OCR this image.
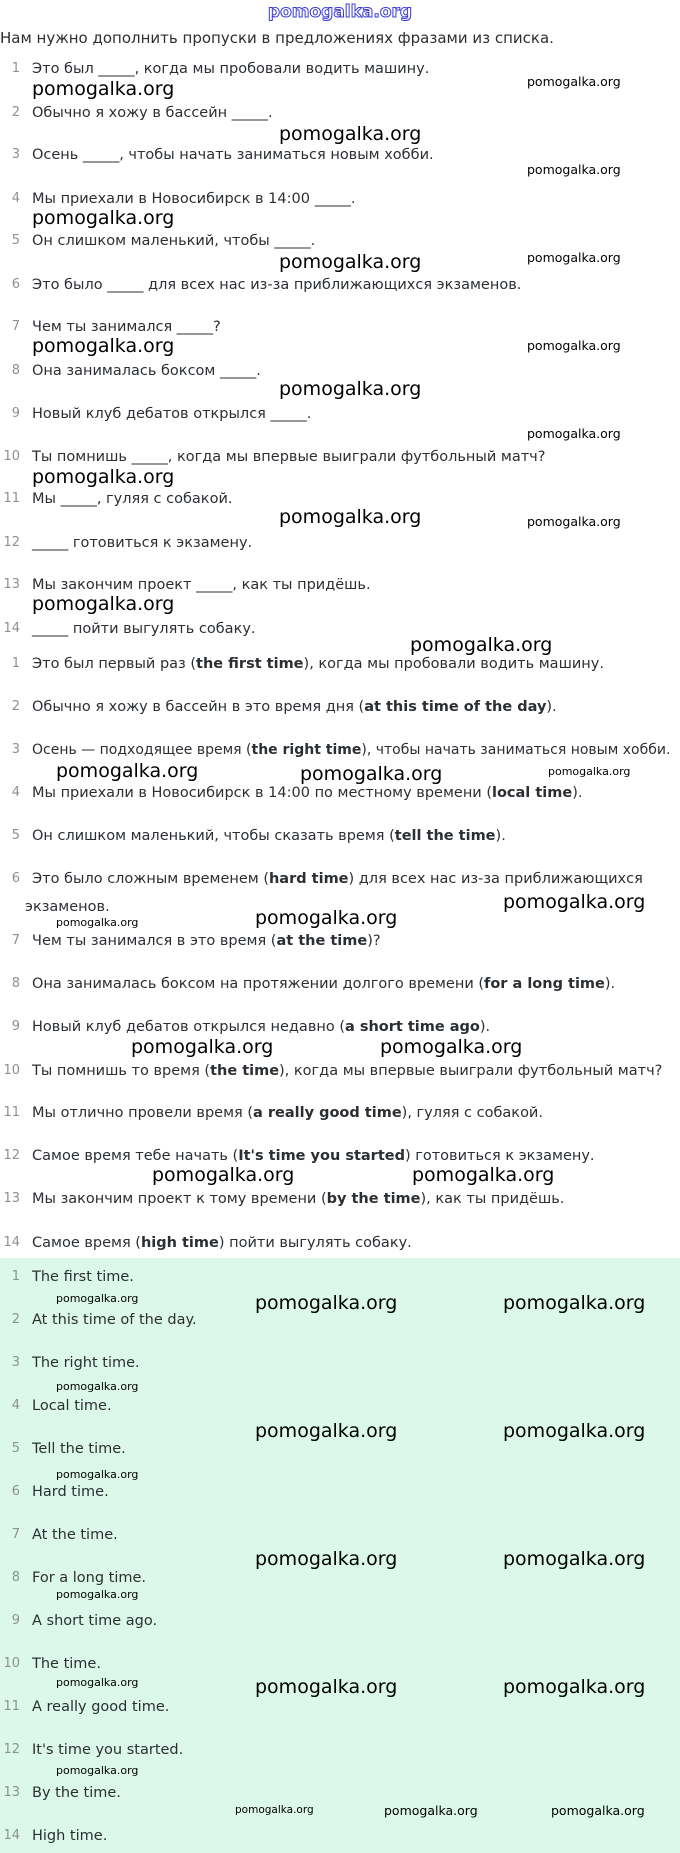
pomogalka.org
Нам нужно дополнить пропуски в предложениях фразами из списка.
1 Это был _____, когда мы пробовали водить машину.
2 Обычно я хожу в бассейн _____.
3 Осень _____, чтобы начать заниматься новым хобби.
4 Мы приехали в Новосибирск в 14:00 _____.
5 Он слишком маленький, чтобы _____.
6 Это было _____ для всех нас из-за приближающихся экзаменов.
7 Чем ты занимался _____?
8 Она занималась боксом _____.
9 Новый клуб дебатов открылся _____.
10 Ты помнишь _____, когда мы впервые выиграли футбольный матч?
11 Мы _____, гуляя с собакой.
12 _____ готовиться к экзамену.
13 Мы закончим проект _____, как ты придёшь.
14 _____ пойти выгулять собаку.
1 Это был первый раз (the first time), когда мы пробовали водить машину.
2 Обычно я хожу в бассейн в это время дня (at this time of the day).
3 Осень — подходящее время (the right time), чтобы начать заниматься новым хобби.
4 Мы приехали в Новосибирск в 14:00 по местному времени (local time).
5 Он слишком маленький, чтобы сказать время (tell the time).
6 Это было сложным временем (hard time) для всех нас из-за приближающихся
экзаменов.
7 Чем ты занимался в это время (at the time)?
8 Она занималась боксом на протяжении долгого времени (for a long time).
9 Новый клуб дебатов открылся недавно (a short time ago).
10 Ты помнишь то время (the time), когда мы впервые выиграли футбольный матч?
11 Мы отлично провели время (a really good time), гуляя с собакой.
12 Самое время тебе начать (It's time you started) готовиться к экзамену.
13 Мы закончим проект к тому времени (by the time), как ты придёшь.
14 Самое время (high time) пойти выгулять собаку.
1 The first time.
2 At this time of the day.
3 The right time.
4 Local time.
5 Tell the time.
6 Hard time.
7 At the time.
8 For a long time.
9 A short time ago.
10 The time.
11 A really good time.
12 It's time you started.
13 By the time.
14 High time.
pomogalka.org	pomogalka.org
pomogalka.org
pomogalka.org
pomogalka.org
pomogalka.org
pomogalka.org
pomogalka.org	pomogalka.org
pomogalka.org
pomogalka.org
pomogalka.org
pomogalka.org	pomogalka.org
pomogalka.org
pomogalka.org
pomogalka.org	pomogalka.org
pomogalka.org
pomogalka.org
pomogalka.org
pomogalka.org
pomogalka.org	pomogalka.org
pomogalka.org	pomogalka.org
pomogalka.org	pomogalka.org	pomogalka.org
pomogalka.org
pomogalka.org	pomogalka.org
pomogalka.org
pomogalka.org	pomogalka.org
pomogalka.org
pomogalka.org	pomogalka.org	pomogalka.org
pomogalka.org
pomogalka.org	pomogalka.org	pomogalka.org
